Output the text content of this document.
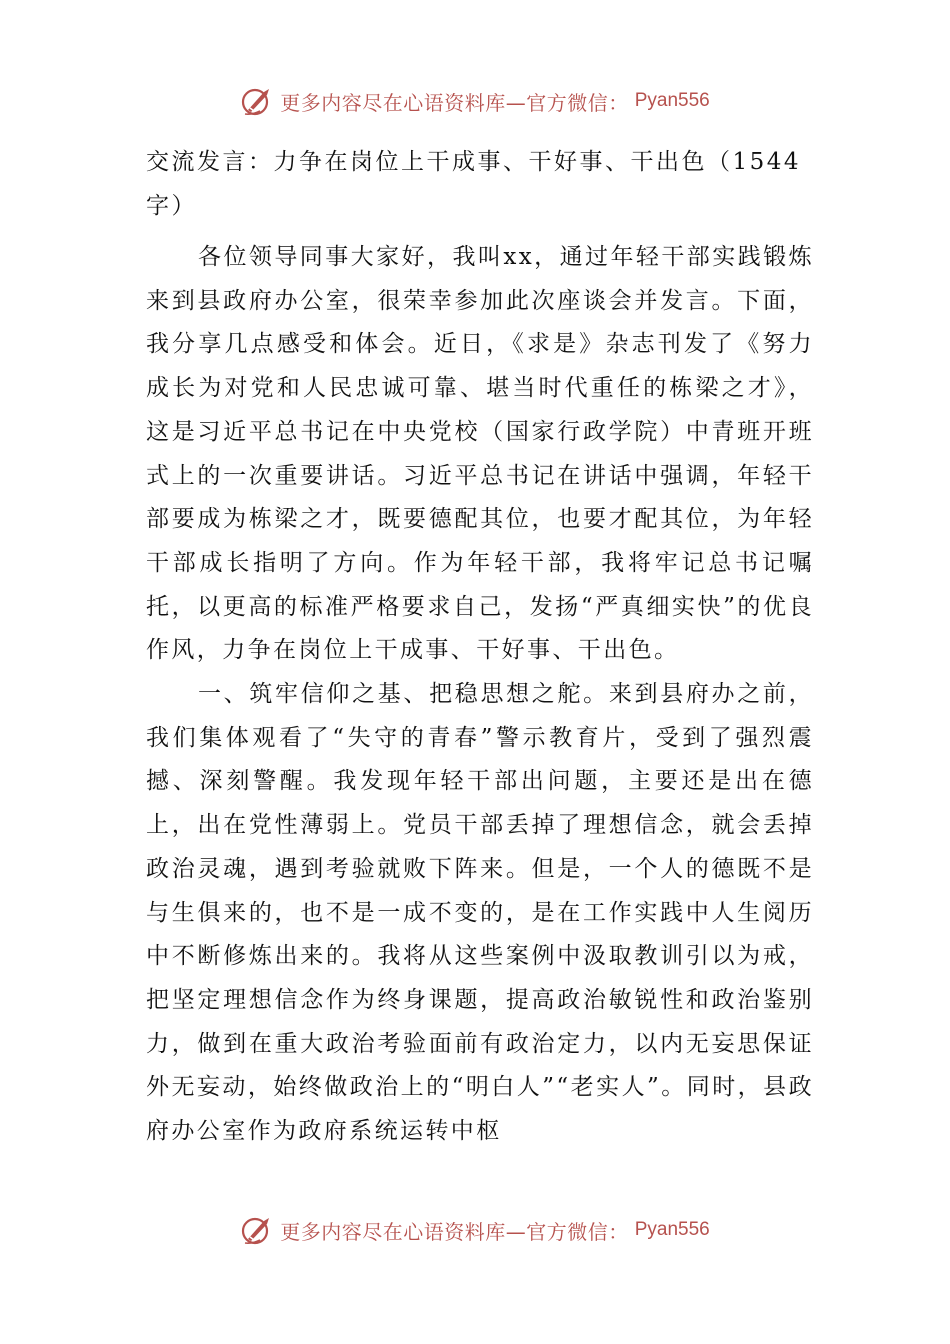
更多内容尽在心语资料库—官方微信： Pyan556
交流发言：力争在岗位上干成事、干好事、干出色（1544字）

各位领导同事大家好，我叫xx，通过年轻干部实践锻炼来到县政府办公室，很荣幸参加此次座谈会并发言。下面，我分享几点感受和体会。近日，《求是》杂志刊发了《努力成长为对党和人民忠诚可靠、堪当时代重任的栋梁之才》，这是习近平总书记在中央党校（国家行政学院）中青班开班式上的一次重要讲话。习近平总书记在讲话中强调，年轻干部要成为栋梁之才，既要德配其位，也要才配其位，为年轻干部成长指明了方向。作为年轻干部，我将牢记总书记嘱托，以更高的标准严格要求自己，发扬“严真细实快”的优良作风，力争在岗位上干成事、干好事、干出色。

一、筑牢信仰之基、把稳思想之舵。来到县府办之前，我们集体观看了“失守的青春”警示教育片，受到了强烈震撼、深刻警醒。我发现年轻干部出问题，主要还是出在德上，出在党性薄弱上。党员干部丢掉了理想信念，就会丢掉政治灵魂，遇到考验就败下阵来。但是，一个人的德既不是与生俱来的，也不是一成不变的，是在工作实践中人生阅历中不断修炼出来的。我将从这些案例中汲取教训引以为戒，把坚定理想信念作为终身课题，提高政治敏锐性和政治鉴别力，做到在重大政治考验面前有政治定力，以内无妄思保证外无妄动，始终做政治上的“明白人”“老实人”。同时，县政府办公室作为政府系统运转中枢

更多内容尽在心语资料库—官方微信： Pyan556
